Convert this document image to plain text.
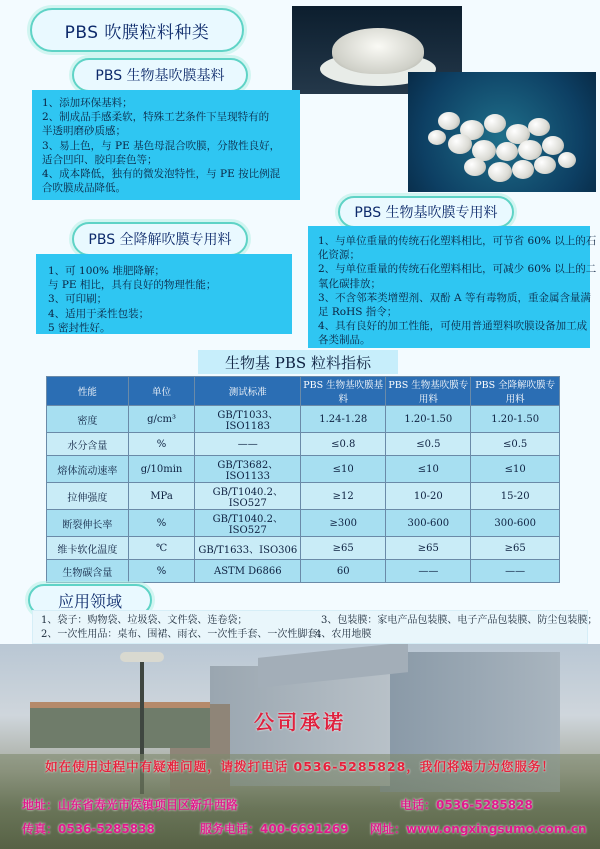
PBS 吹膜粒料种类
PBS 生物基吹膜基料
1、添加环保基料；
2、制成品手感柔软，特殊工艺条件下呈现特有的
半透明磨砂质感；
3、易上色，与 PE 基色母混合吹膜，分散性良好，
适合凹印、胶印套色等；
4、成本降低，独有的微发泡特性，与 PE 按比例混
合吹膜成品降低。
PBS 生物基吹膜专用料
PBS 全降解吹膜专用料
1、可 100% 堆肥降解；
与 PE 相比，具有良好的物理性能；
3、可印刷；
4、适用于柔性包装；
5 密封性好。
1、与单位重量的传统石化塑料相比，可节省 60% 以上的石
化资源；
2、与单位重量的传统石化塑料相比，可减少 60% 以上的二
氧化碳排放；
3、不含邻苯类增塑剂、双酚 A 等有毒物质，重金属含量满
足 RoHS 指令；
4、具有良好的加工性能，可使用普通塑料吹膜设备加工成
各类制品。

性能	单位	测试标准	PBS 生物基吹膜基料	PBS 生物基吹膜专用料	PBS 全降解吹膜专用料
密度	g/cm³	GB/T1033、ISO1183	1.24-1.28	1.20-1.50	1.20-1.50
水分含量	%	——	≤0.8	≤0.5	≤0.5
熔体流动速率	g/10min	GB/T3682、ISO1133	≤10	≤10	≤10
拉伸强度	MPa	GB/T1040.2、ISO527	≥12	10-20	15-20
断裂伸长率	%	GB/T1040.2、ISO527	≥300	300-600	300-600
维卡软化温度	℃	GB/T1633、ISO306	≥65	≥65	≥65
生物碳含量	%	ASTM D6866	60	——	——
生物基 PBS 粒料指标
应用领域
1、袋子：购物袋、垃圾袋、文件袋、连卷袋；
2、一次性用品：桌布、围裙、雨衣、一次性手套、一次性脚套；
3、包装膜：家电产品包装膜、电子产品包装膜、防尘包装膜；
4、农用地膜
公司承诺
如在使用过程中有疑难问题，请拨打电话 0536-5285828，我们将竭力为您服务！
地址：山东省寿光市侯镇项目区新升西路	电话：0536-5285828
传真：0536-5285838	服务电话：400-6691269 网址：www.ongxingsumo.com.cn
